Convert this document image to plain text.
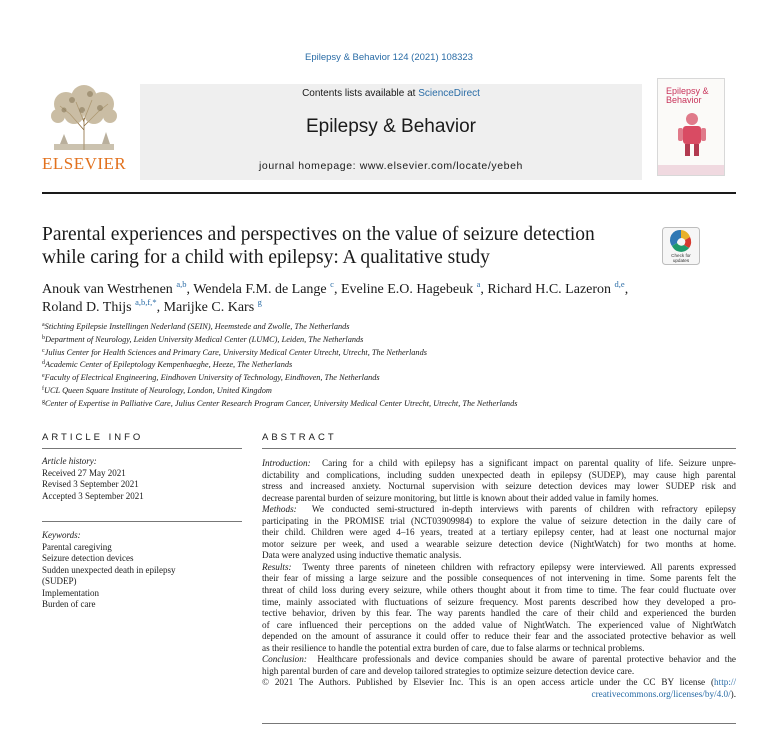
Epilepsy & Behavior 124 (2021) 108323
ELSEVIER
Contents lists available at ScienceDirect
Epilepsy & Behavior
journal homepage: www.elsevier.com/locate/yebeh
Epilepsy & Behavior
Parental experiences and perspectives on the value of seizure detection
while caring for a child with epilepsy: A qualitative study	Check for
updates
Anouk van Westrhenen $^{a,b}$, Wendela F.M. de Lange $^c$, Eveline E.O. Hagebeuk $^a$, Richard H.C. Lazeron $^{d,e}$,
Roland D. Thijs $^{a,b,f,*}$, Marijke C. Kars $^g$
$^a$Stichting Epilepsie Instellingen Nederland (SEIN), Heemstede and Zwolle, The Netherlands
$^b$Department of Neurology, Leiden University Medical Center (LUMC), Leiden, The Netherlands
$^c$Julius Center for Health Sciences and Primary Care, University Medical Center Utrecht, Utrecht, The Netherlands
$^d$Academic Center of Epileptology Kempenhaeghe, Heeze, The Netherlands
$^e$Faculty of Electrical Engineering, Eindhoven University of Technology, Eindhoven, The Netherlands
$^f$UCL Queen Square Institute of Neurology, London, United Kingdom
$^g$Center of Expertise in Palliative Care, Julius Center Research Program Cancer, University Medical Center Utrecht, Utrecht, The Netherlands
ARTICLE INFO
Article history:
Received 27 May 2021
Revised 3 September 2021
Accepted 3 September 2021
Keywords:
Parental caregiving
Seizure detection devices
Sudden unexpected death in epilepsy
(SUDEP)
Implementation
Burden of care
ABSTRACT
Introduction: Caring for a child with epilepsy has a significant impact on parental quality of life. Seizure unpre-
dictability and complications, including sudden unexpected death in epilepsy (SUDEP), may cause high parental
stress and increased anxiety. Nocturnal supervision with seizure detection devices may lower SUDEP risk and
decrease parental burden of seizure monitoring, but little is known about their added value in family homes.
Methods: We conducted semi-structured in-depth interviews with parents of children with refractory epilepsy
participating in the PROMISE trial (NCT03909984) to explore the value of seizure detection in the daily care of
their child. Children were aged 4–16 years, treated at a tertiary epilepsy center, had at least one nocturnal major
motor seizure per week, and used a wearable seizure detection device (NightWatch) for two months at home.
Data were analyzed using inductive thematic analysis.
Results: Twenty three parents of nineteen children with refractory epilepsy were interviewed. All parents expressed
their fear of missing a large seizure and the possible consequences of not intervening in time. Some parents felt the
threat of child loss during every seizure, while others thought about it from time to time. The fear could fluctuate over
time, mainly associated with fluctuations of seizure frequency. Most parents described how they developed a pro-
tective behavior, driven by this fear. The way parents handled the care of their child and experienced the burden
of care influenced their perceptions on the added value of NightWatch. The experienced value of NightWatch
depended on the amount of assurance it could offer to reduce their fear and the associated protective behavior as well
as their resilience to handle the potential extra burden of care, due to false alarms or technical problems.
Conclusion: Healthcare professionals and device companies should be aware of parental protective behavior and the
high parental burden of care and develop tailored strategies to optimize seizure detection device care.
© 2021 The Authors. Published by Elsevier Inc. This is an open access article under the CC BY license (http://
creativecommons.org/licenses/by/4.0/).
